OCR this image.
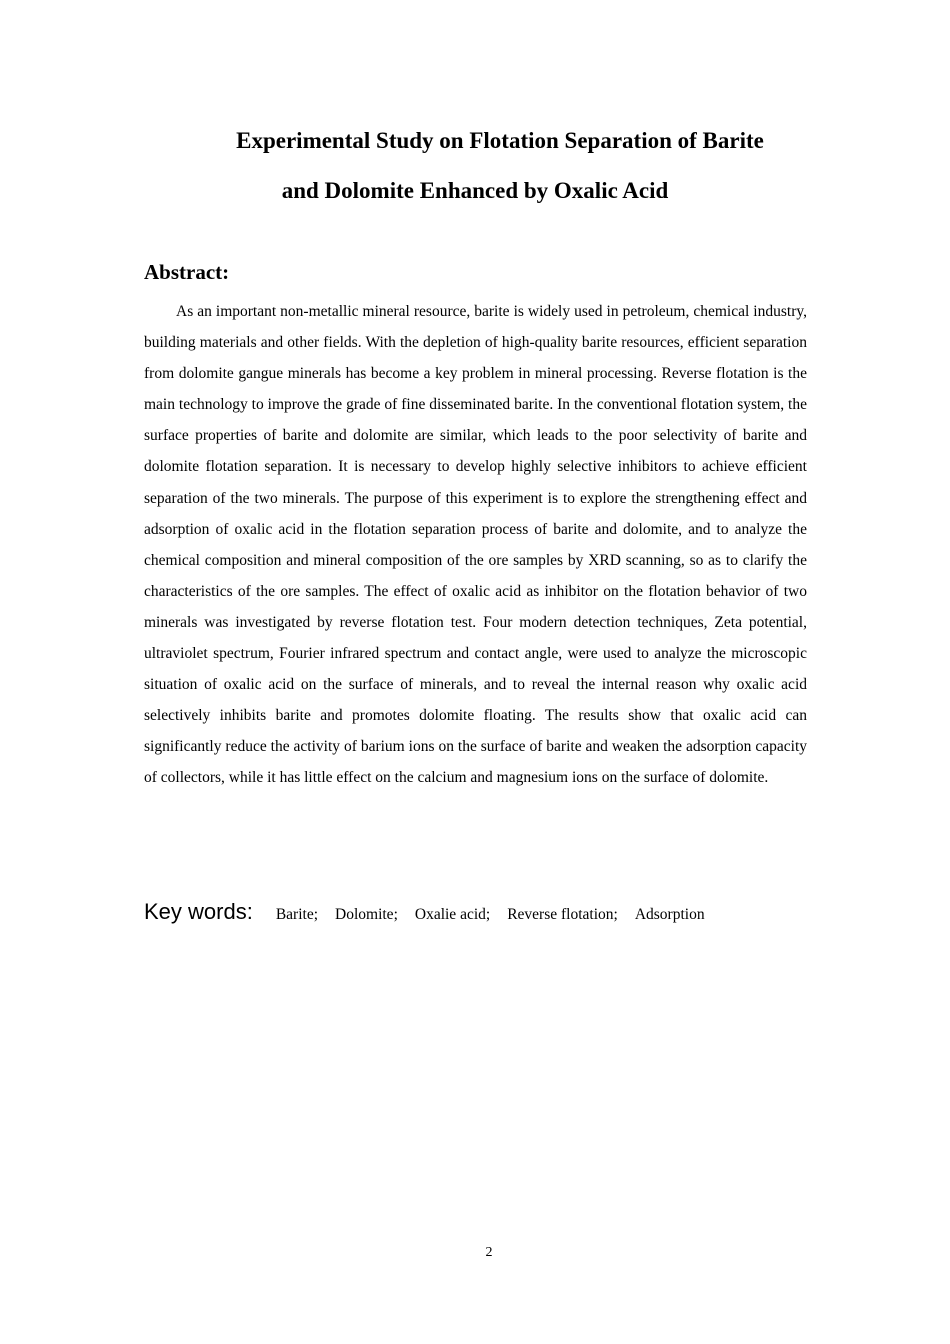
Experimental Study on Flotation Separation of Barite
and Dolomite Enhanced by Oxalic Acid
Abstract:

As an important non-metallic mineral resource, barite is widely used in petroleum, chemical industry, building materials and other fields. With the depletion of high-quality barite resources, efficient separation from dolomite gangue minerals has become a key problem in mineral processing. Reverse flotation is the main technology to improve the grade of fine disseminated barite. In the conventional flotation system, the surface properties of barite and dolomite are similar, which leads to the poor selectivity of barite and dolomite flotation separation. It is necessary to develop highly selective inhibitors to achieve efficient separation of the two minerals. The purpose of this experiment is to explore the strengthening effect and adsorption of oxalic acid in the flotation separation process of barite and dolomite, and to analyze the chemical composition and mineral composition of the ore samples by XRD scanning, so as to clarify the characteristics of the ore samples. The effect of oxalic acid as inhibitor on the flotation behavior of two minerals was investigated by reverse flotation test. Four modern detection techniques, Zeta potential, ultraviolet spectrum, Fourier infrared spectrum and contact angle, were used to analyze the microscopic situation of oxalic acid on the surface of minerals, and to reveal the internal reason why oxalic acid selectively inhibits barite and promotes dolomite floating. The results show that oxalic acid can significantly reduce the activity of barium ions on the surface of barite and weaken the adsorption capacity of collectors, while it has little effect on the calcium and magnesium ions on the surface of dolomite.

Key words: Barite; Dolomite; Oxalie acid; Reverse flotation; Adsorption
2
